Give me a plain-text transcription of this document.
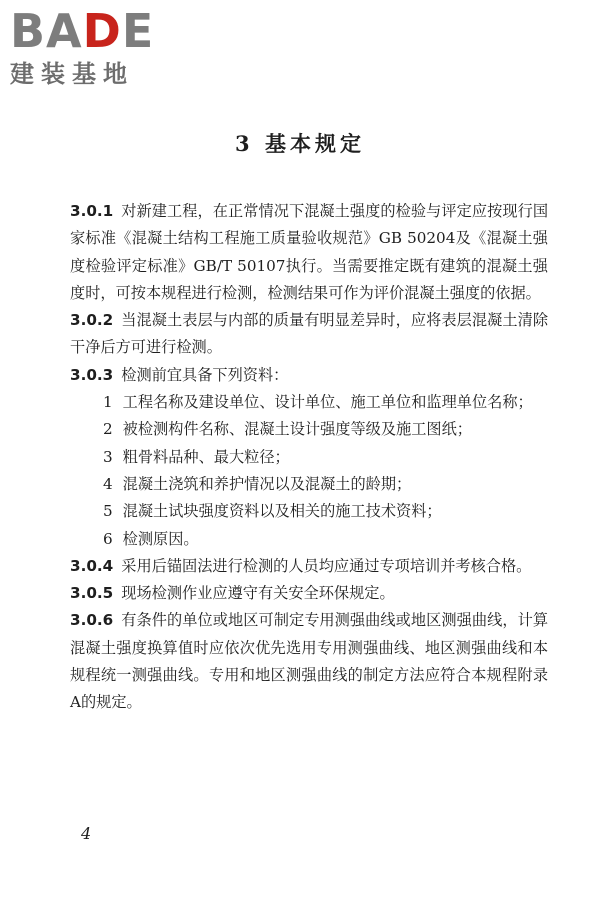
BADE
建装基地
3 基本规定

3.0.1 对新建工程，在正常情况下混凝土强度的检验与评定应按现行国家标准《混凝土结构工程施工质量验收规范》GB 50204及《混凝土强度检验评定标准》GB/T 50107执行。当需要推定既有建筑的混凝土强度时，可按本规程进行检测，检测结果可作为评价混凝土强度的依据。

3.0.2 当混凝土表层与内部的质量有明显差异时，应将表层混凝土清除干净后方可进行检测。

3.0.3 检测前宜具备下列资料：

1 工程名称及建设单位、设计单位、施工单位和监理单位名称；

2 被检测构件名称、混凝土设计强度等级及施工图纸；

3 粗骨料品种、最大粒径；

4 混凝土浇筑和养护情况以及混凝土的龄期；

5 混凝土试块强度资料以及相关的施工技术资料；

6 检测原因。

3.0.4 采用后锚固法进行检测的人员均应通过专项培训并考核合格。

3.0.5 现场检测作业应遵守有关安全环保规定。

3.0.6 有条件的单位或地区可制定专用测强曲线或地区测强曲线，计算混凝土强度换算值时应依次优先选用专用测强曲线、地区测强曲线和本规程统一测强曲线。专用和地区测强曲线的制定方法应符合本规程附录A的规定。

4
